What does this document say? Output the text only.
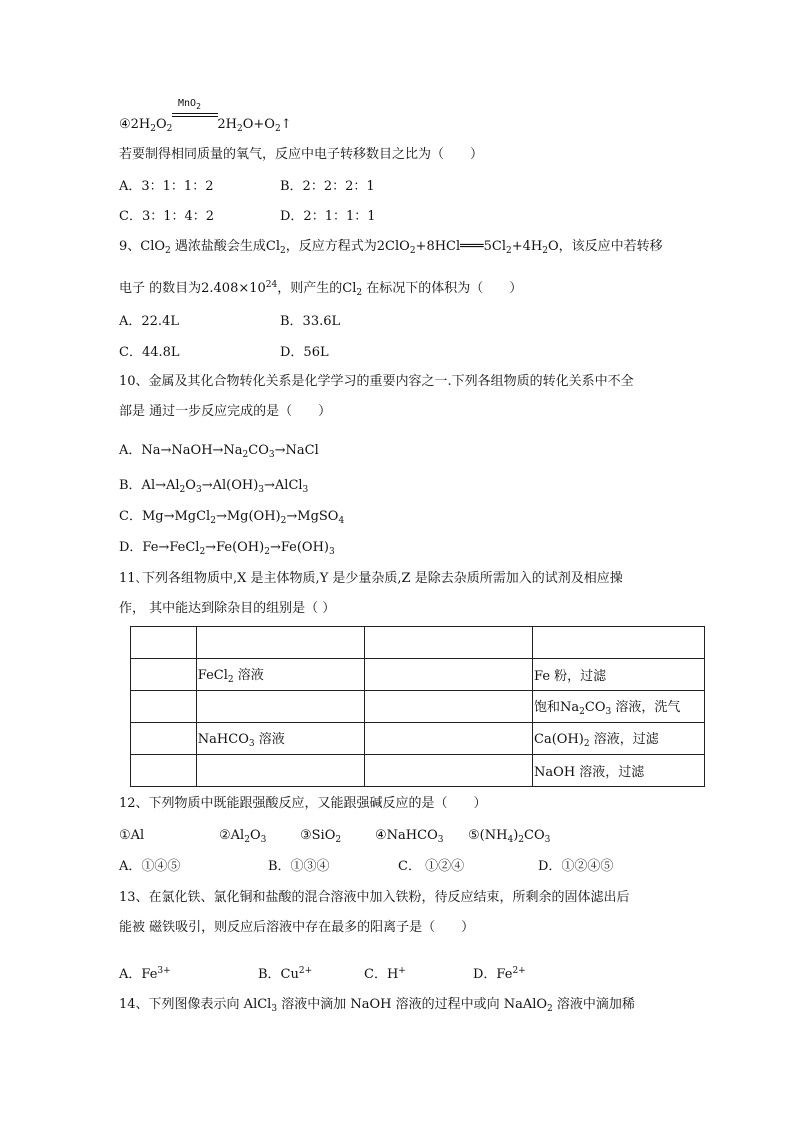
MnO$_2$
$④2H_2O_2$	$2H_2O+O_2↑$
若要制得相同质量的氧气，反应中电子转移数目之比为（　　）
A．3：1：1：2	B．2：2：2：1
C．3：1：4：2	D．2：1：1：1
9、ClO$_2$ 遇浓盐酸会生成$Cl_2$，反应方程式为$2ClO_2+8HCl═══5Cl_2+4H_2O$，该反应中若转移
电子 的数目为$2.408\times 10^{24}$，则产生的$Cl_2$ 在标况下的体积为（　　）
A．22.4L	B．33.6L
C．44.8L	D．56L
10、金属及其化合物转化关系是化学学习的重要内容之一.下列各组物质的转化关系中不全
部是 通过一步反应完成的是（　　）
A．$Na\to NaOH\to Na_2CO_3\to NaCl$
B．$Al\to Al_2O_3\to Al(OH)_3\to AlCl_3$
C．$Mg\to MgCl_2\to Mg(OH)_2\to MgSO_4$
D．$Fe\to FeCl_2\to Fe(OH)_2\to Fe(OH)_3$
11､下列各组物质中,X 是主体物质,Y 是少量杂质,Z 是除去杂质所需加入的试剂及相应操
作， 其中能达到除杂目的组别是（ ）

	FeCl$_2$ 溶液		Fe 粉，过滤
			饱和$Na_2CO_3$ 溶液，洗气
	NaHCO$_3$ 溶液		$Ca(OH)_2$ 溶液，过滤
			NaOH 溶液，过滤
12、下列物质中既能跟强酸反应，又能跟强碱反应的是（　　）
①Al	$②Al_2O_3$	③SiO$_2$	④NaHCO$_3$ $⑤(NH_4)_2CO_3$
A．①④⑤	B．①③④	C． ①②④	D．①②④⑤
13、在氯化铁、氯化铜和盐酸的混合溶液中加入铁粉，待反应结束，所剩余的固体滤出后
能被 磁铁吸引，则反应后溶液中存在最多的阳离子是（　　）
A．$Fe^{3+}$	B．$Cu^{2+}$	C．H+	D．$Fe^{2+}$
14、下列图像表示向 AlCl$_3$ 溶液中滴加 NaOH 溶液的过程中或向 NaAlO$_2$ 溶液中滴加稀
